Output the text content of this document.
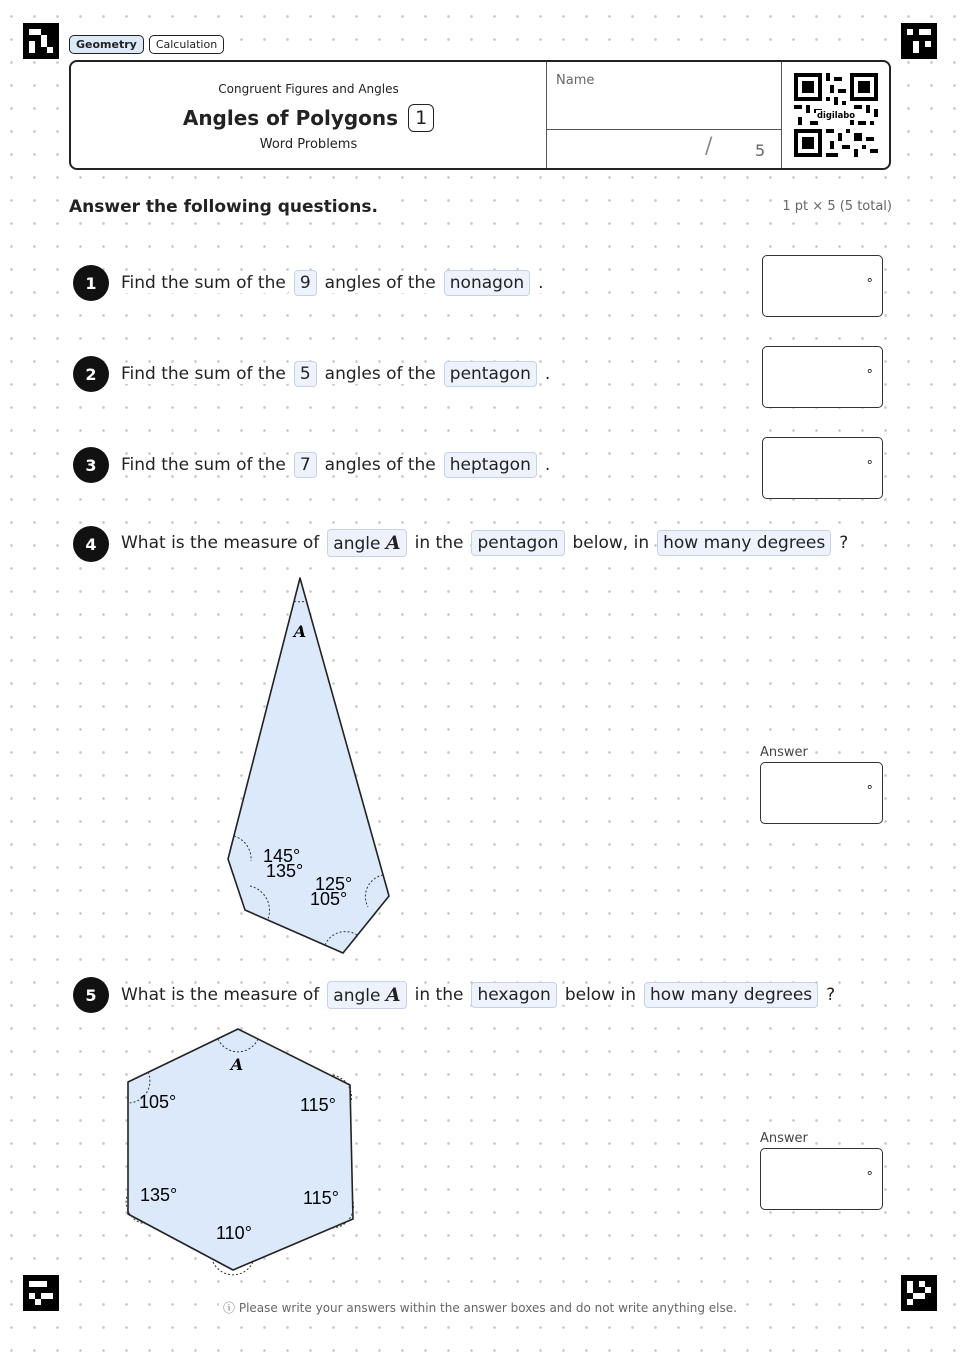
Geometry	Calculation
Congruent Figures and Angles
Angles of Polygons 1
Word Problems
Name
/	5
digilabo
Answer the following questions.	1 pt × 5 (5 total)
1	Find the sum of the 9 angles of the nonagon .	°
2	Find the sum of the 5 angles of the pentagon .	°
3	Find the sum of the 7 angles of the heptagon .	°
4	What is the measure of angle A in the pentagon below, in how many degrees ?
Answer
°
A
145°
135°
125°
105°
5	What is the measure of angle A in the hexagon below in how many degrees ?
Answer
°
A
105°	115°
135°	115°
110°
ⓘ Please write your answers within the answer boxes and do not write anything else.
